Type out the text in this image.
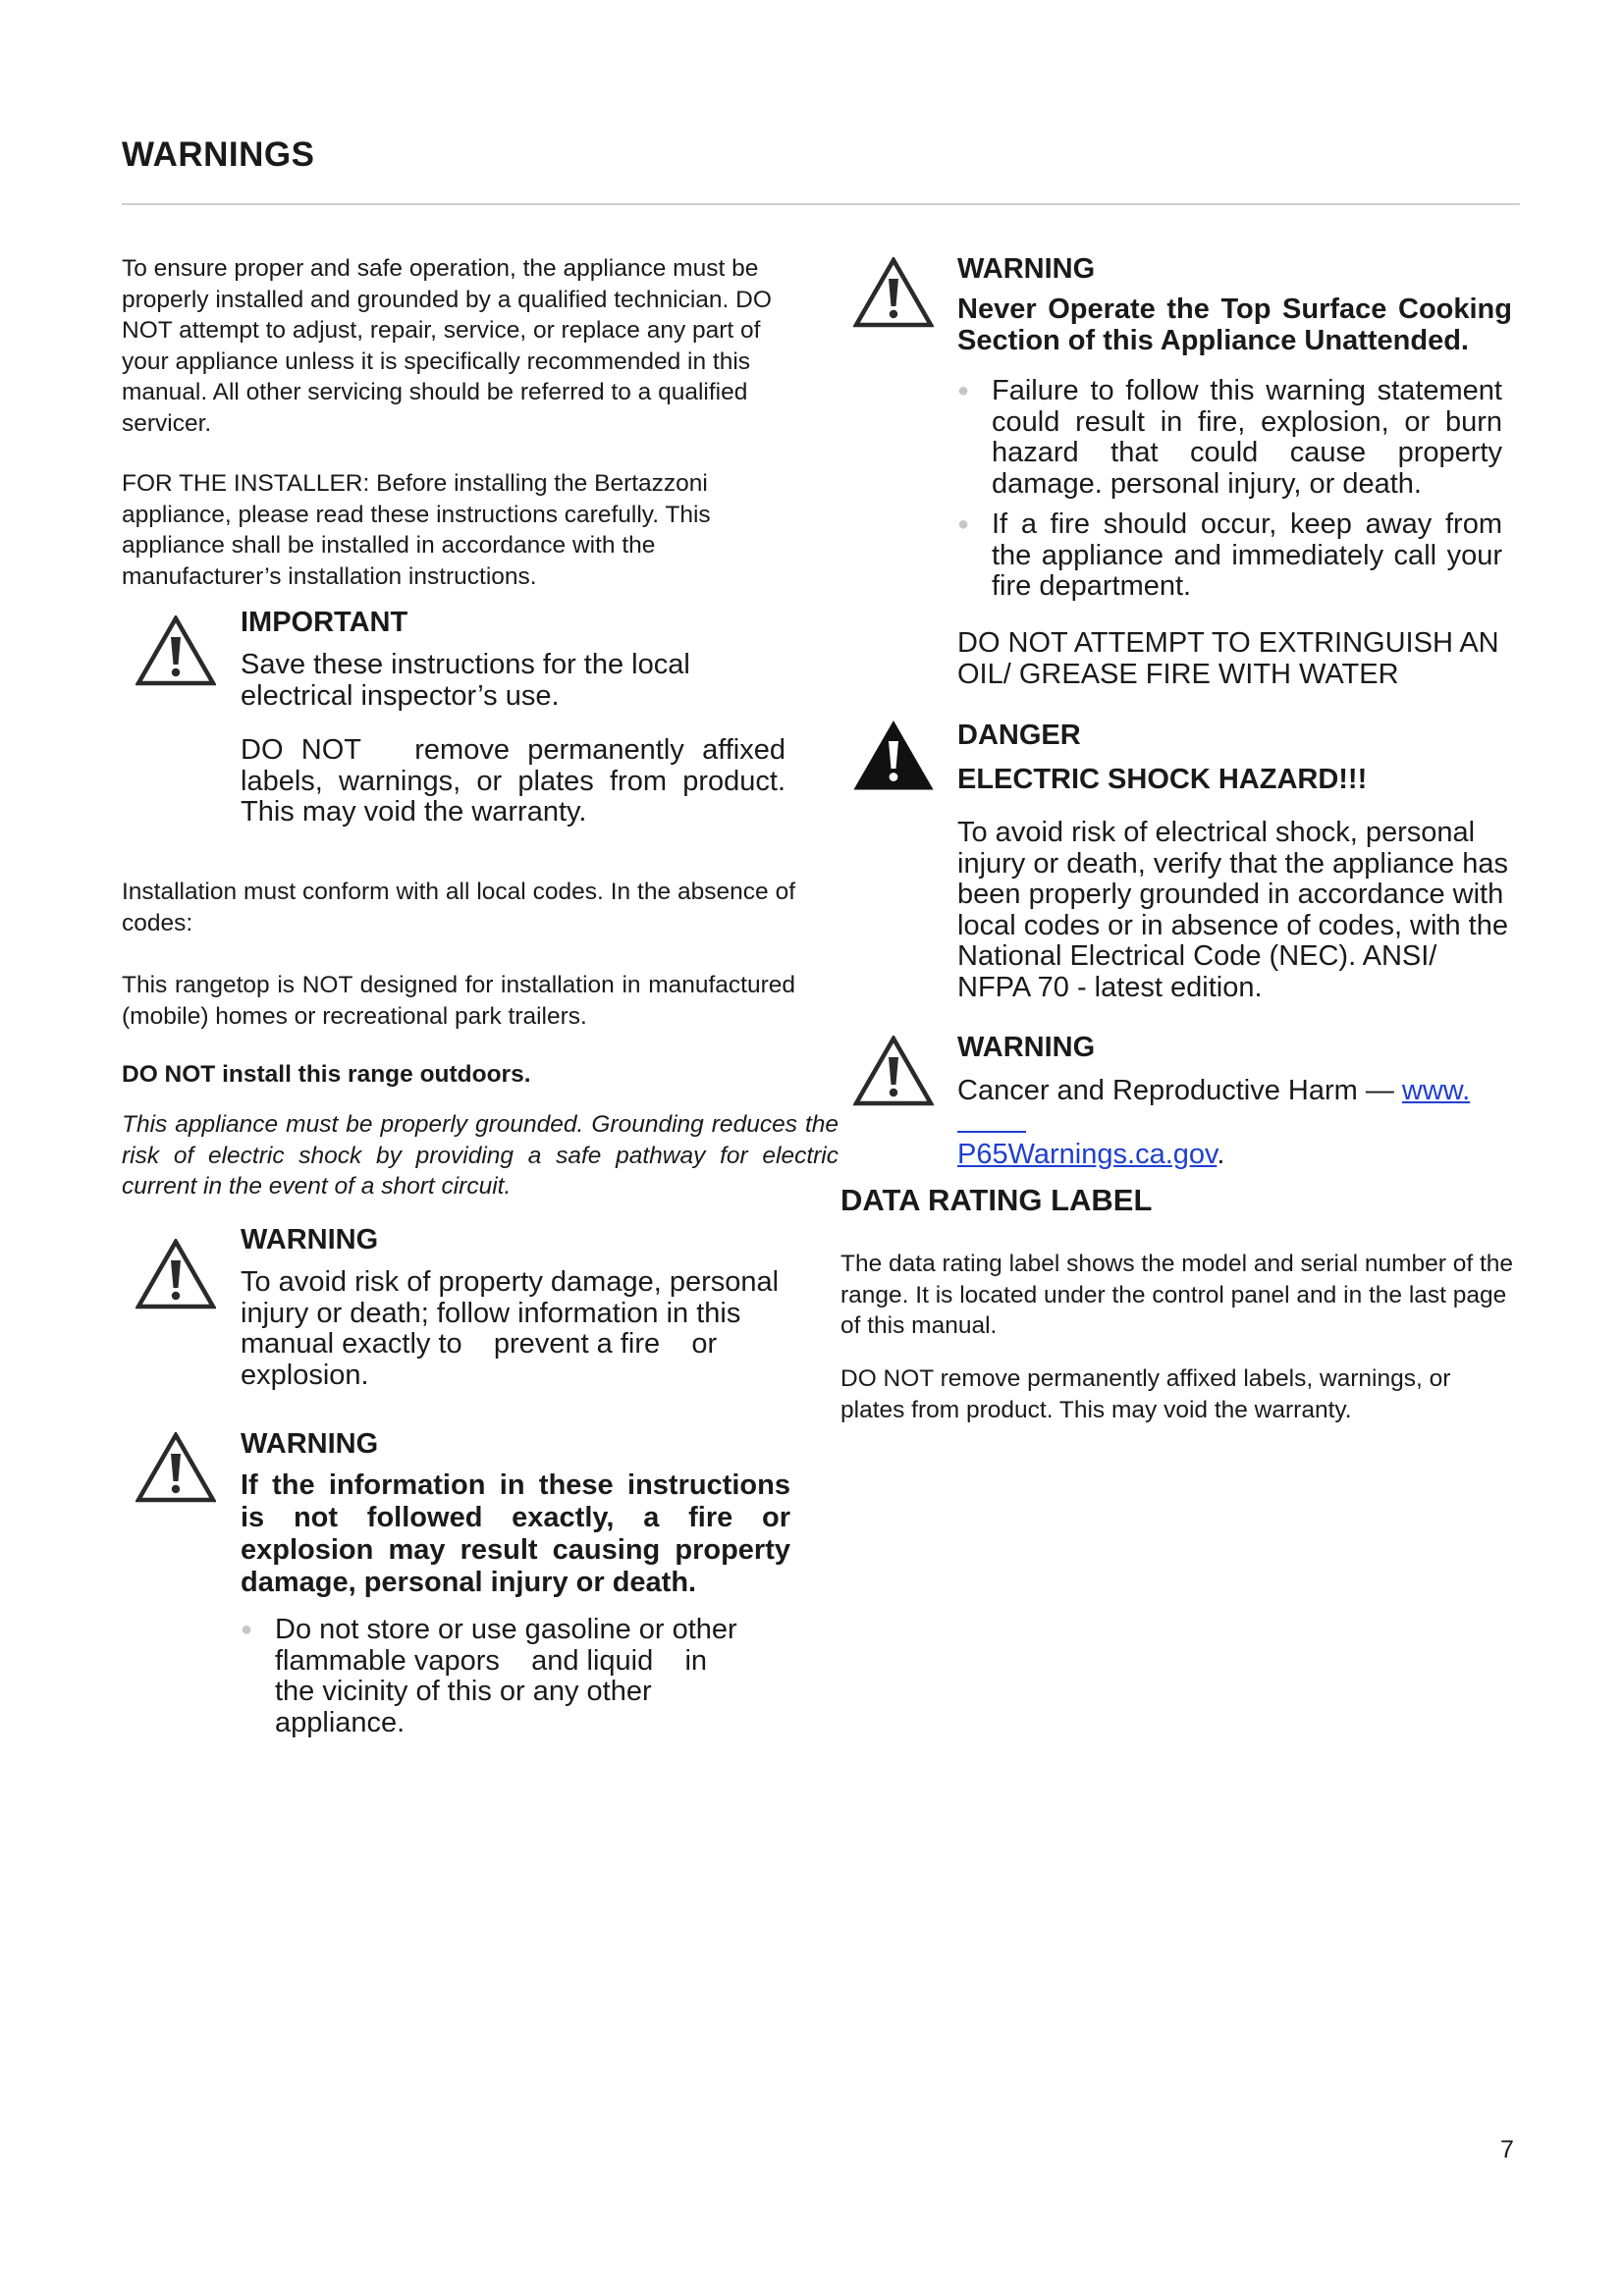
WARNINGS

To ensure proper and safe operation, the appliance must be properly installed and grounded by a qualified technician. DO NOT attempt to adjust, repair, service, or replace any part of your appliance unless it is specifically recommended in this manual. All other servicing should be referred to a qualified servicer.

FOR THE INSTALLER: Before installing the Bertazzoni appliance, please read these instructions carefully. This appliance shall be installed in accordance with the manufacturer’s installation instructions.

IMPORTANT

Save these instructions for the local electrical inspector’s use.

DO NOT   remove permanently affixed labels, warnings, or plates from product. This may void the warranty.

Installation must conform with all local codes. In the absence of codes:

This rangetop is NOT designed for installation in manufactured (mobile) homes or recreational park trailers.

DO NOT install this range outdoors.

This appliance must be properly grounded. Grounding reduces the risk of electric shock by providing a safe pathway for electric current in the event of a short circuit.

WARNING

To avoid risk of property damage, personal injury or death; follow information in this manual exactly to    prevent a fire    or explosion.

WARNING

If the information in these instructions is not followed exactly, a fire or explosion may result causing property damage, personal injury or death.

● Do not store or use gasoline or other flammable vapors    and liquid    in the vicinity of this or any other appliance.
WARNING

Never Operate the Top Surface Cooking Section of this Appliance Unattended.

● Failure to follow this warning statement could result in fire, explosion, or burn hazard that could cause property damage. personal injury, or death.
● If a fire should occur, keep away from the appliance and immediately call your fire department.

DO NOT ATTEMPT TO EXTRINGUISH AN OIL/ GREASE FIRE WITH WATER

DANGER
ELECTRIC SHOCK HAZARD!!!

To avoid risk of electrical shock, personal injury or death, verify that the appliance has been properly grounded in accordance with local codes or in absence of codes, with the National Electrical Code (NEC). ANSI/ NFPA 70 - latest edition.

WARNING

Cancer and Reproductive Harm — www.
P65Warnings.ca.gov.

DATA RATING LABEL

The data rating label shows the model and serial number of the range. It is located under the control panel and in the last page of this manual.

DO NOT remove permanently affixed labels, warnings, or plates from product. This may void the warranty.

7
